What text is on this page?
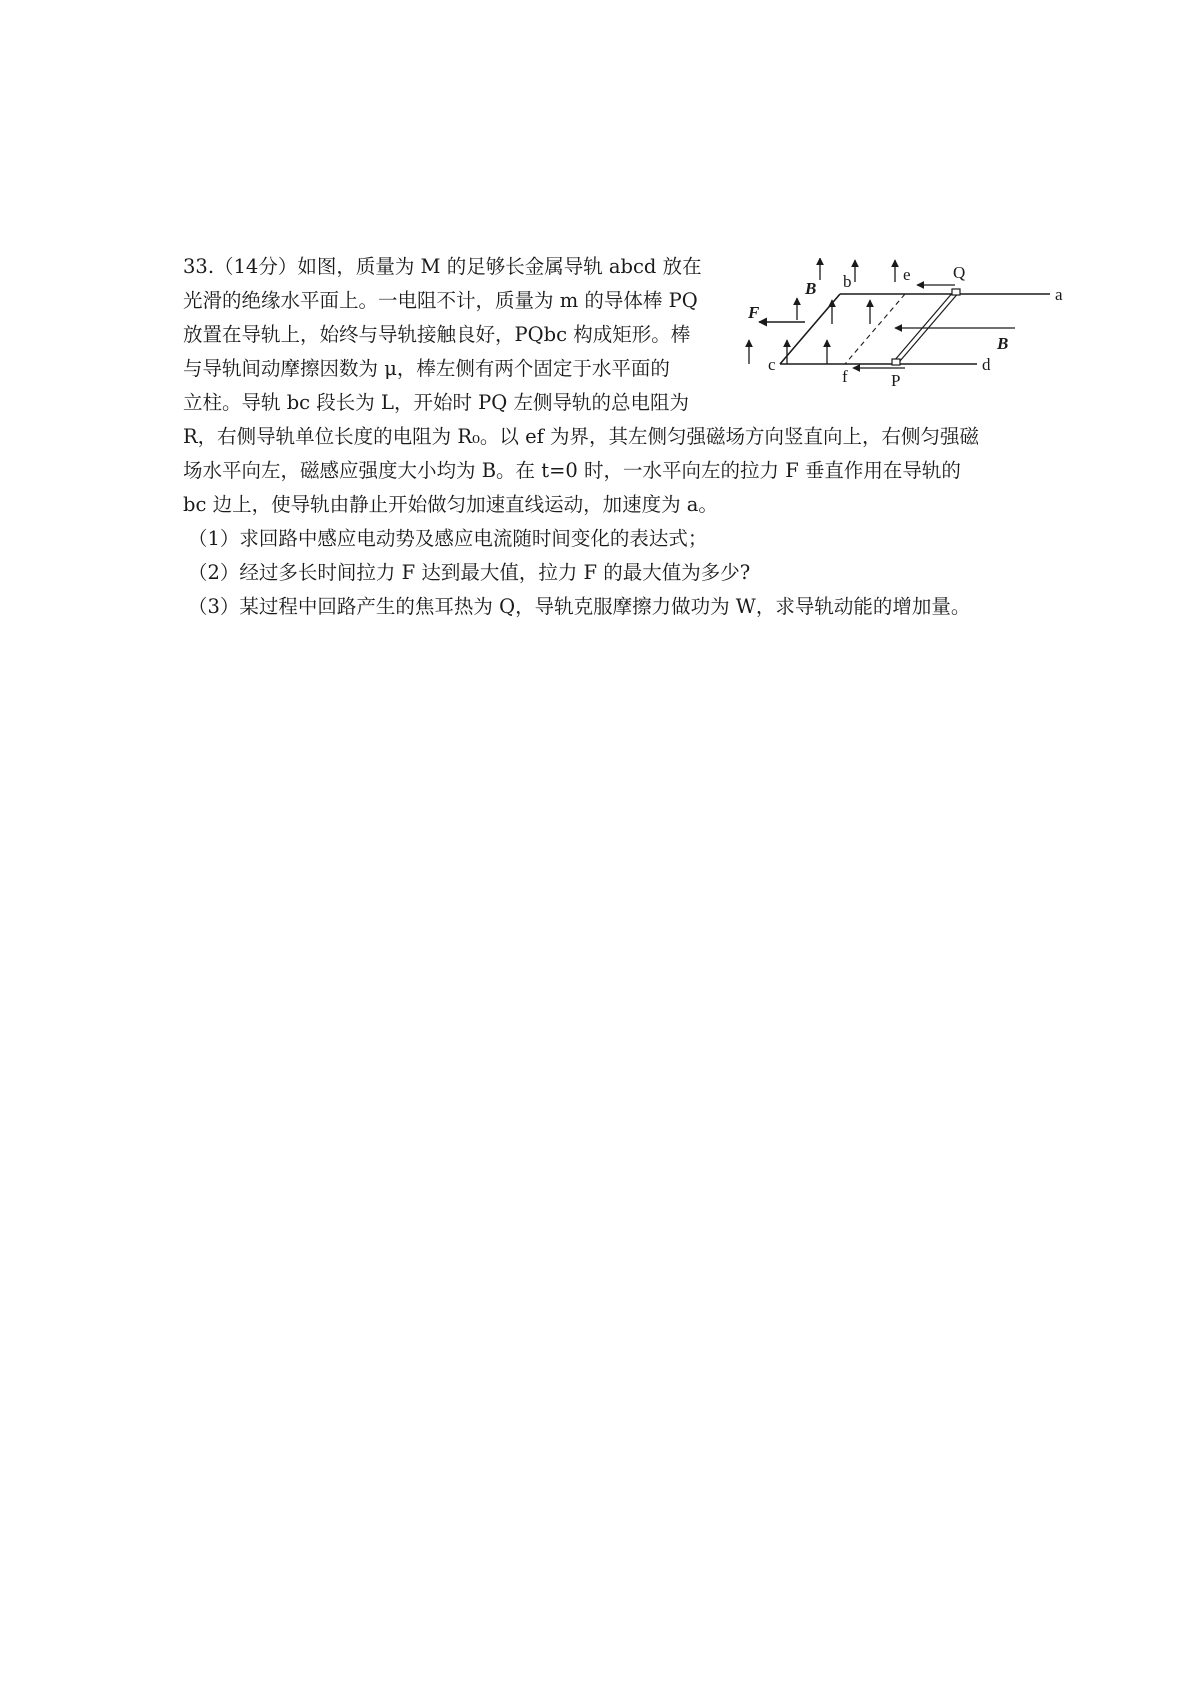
33.（14分）如图，质量为 M 的足够长金属导轨 abcd 放在
光滑的绝缘水平面上。一电阻不计，质量为 m 的导体棒 PQ
放置在导轨上，始终与导轨接触良好，PQbc 构成矩形。棒
与导轨间动摩擦因数为 μ，棒左侧有两个固定于水平面的
立柱。导轨 bc 段长为 L，开始时 PQ 左侧导轨的总电阻为
R，右侧导轨单位长度的电阻为 R₀。以 ef 为界，其左侧匀强磁场方向竖直向上，右侧匀强磁
场水平向左，磁感应强度大小均为 B。在 t=0 时，一水平向左的拉力 F 垂直作用在导轨的
bc 边上，使导轨由静止开始做匀加速直线运动，加速度为 a。
（1）求回路中感应电动势及感应电流随时间变化的表达式；
（2）经过多长时间拉力 F 达到最大值，拉力 F 的最大值为多少?
（3）某过程中回路产生的焦耳热为 Q，导轨克服摩擦力做功为 W，求导轨动能的增加量。
a
b
c	d
e
f	P
Q
F
B
B
